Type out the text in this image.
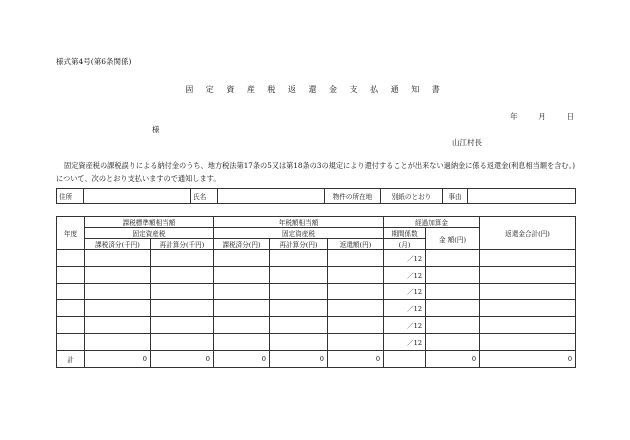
様式第4号(第6条関係)
固 定 資 産 税 返 還 金 支 払 通 知 書
年	月	日
様
山江村長
固定資産税の課税誤りによる納付金のうち、地方税法第17条の5又は第18条の3の規定により還付することが出来ない過納金に係る返還金(利息相当額を含む。)について、次のとおり支払いますので通知します。
住所		氏名		物件の所在地	別紙のとおり	事由	
年度	課税標準額相当額		年税額相当額			経過加算金		返還金合計(円)
	固定資産税		固定資産税			期間係数	金 額(円)	
	課税済分(千円)	再計算分(千円)	課税済分(円)	再計算分(円)	返還額(円)	(月)		
						／12		
						／12		
						／12		
						／12		
						／12		
						／12		
計	0	0	0	0	0		0	0
